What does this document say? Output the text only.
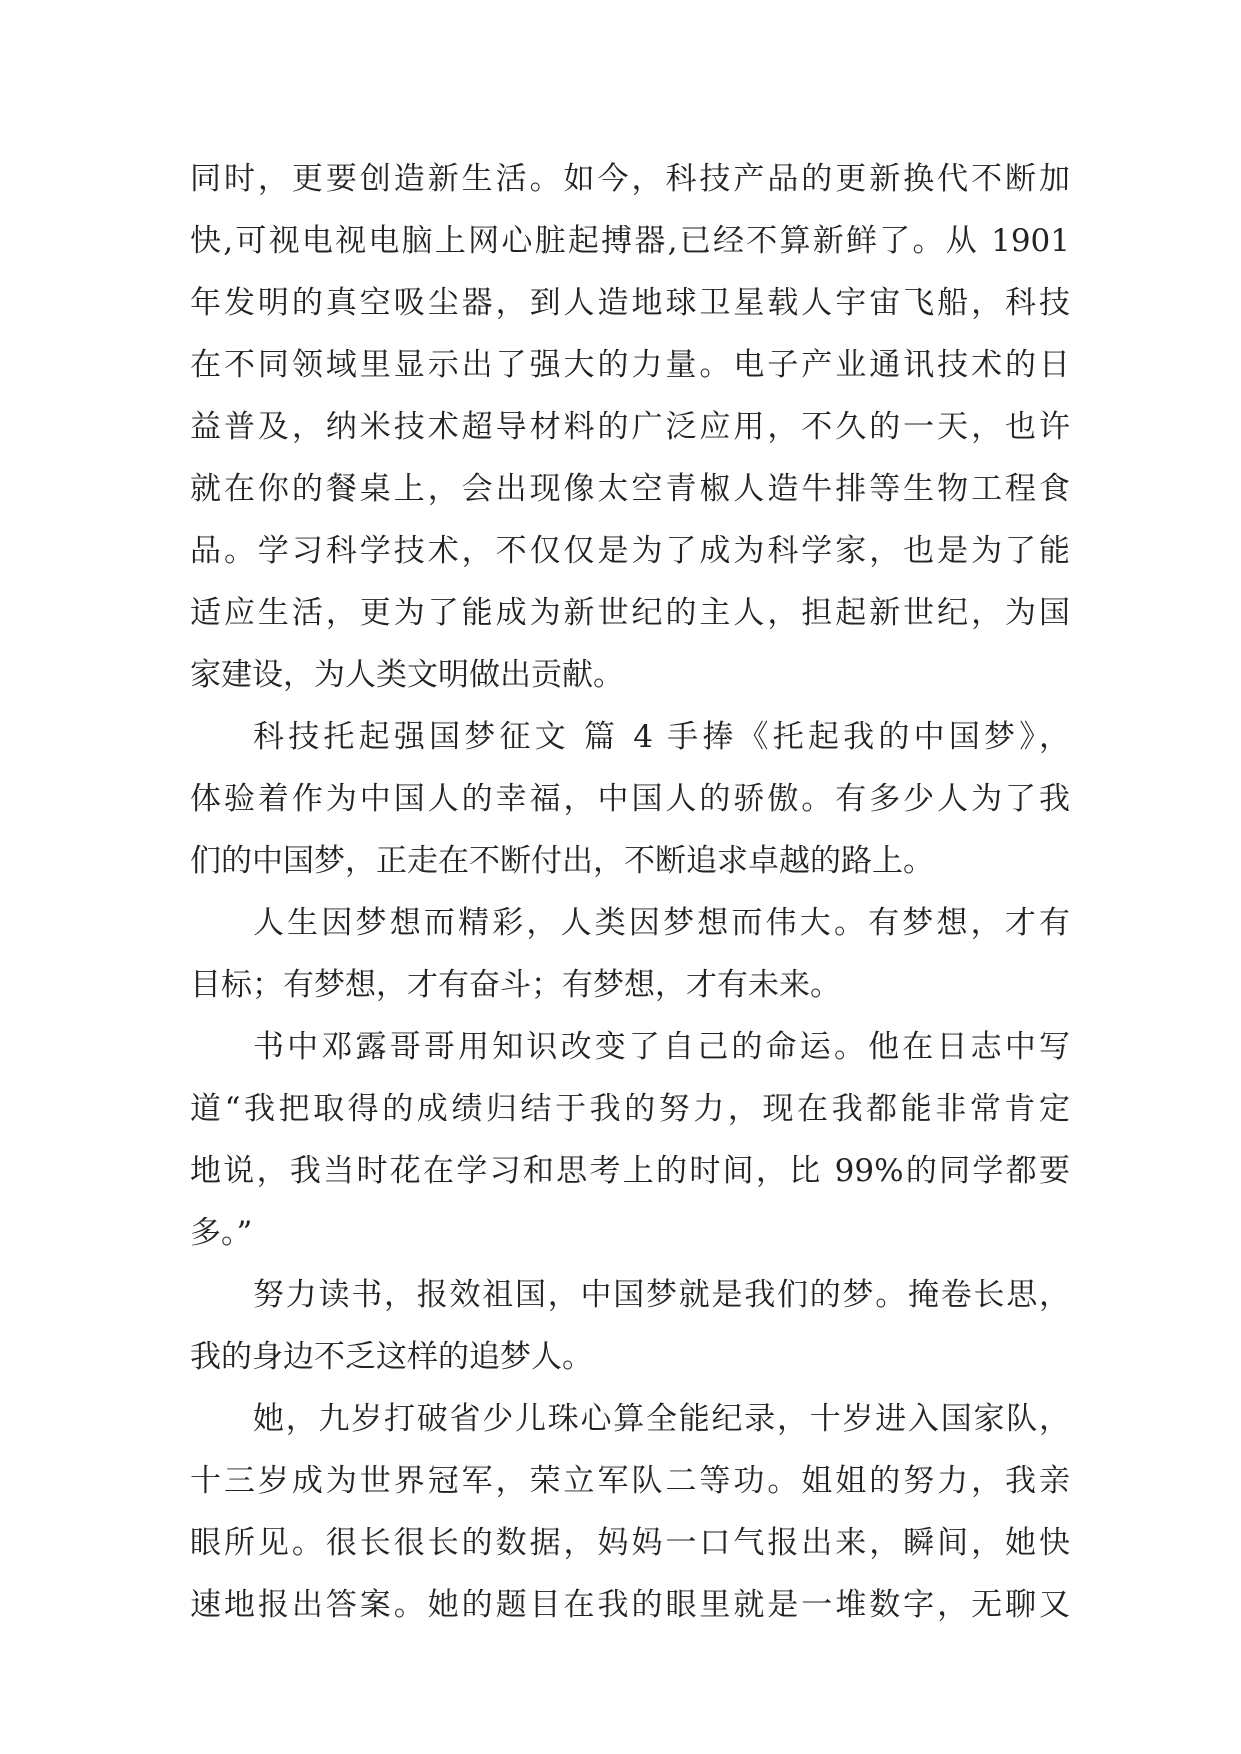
同时，更要创造新生活。如今，科技产品的更新换代不断加
快,可视电视电脑上网心脏起搏器,已经不算新鲜了。从 1901
年发明的真空吸尘器，到人造地球卫星载人宇宙飞船，科技
在不同领域里显示出了强大的力量。电子产业通讯技术的日
益普及，纳米技术超导材料的广泛应用，不久的一天，也许
就在你的餐桌上，会出现像太空青椒人造牛排等生物工程食
品。学习科学技术，不仅仅是为了成为科学家，也是为了能
适应生活，更为了能成为新世纪的主人，担起新世纪，为国
家建设，为人类文明做出贡献。
科技托起强国梦征文 篇 4 手捧《托起我的中国梦》，
体验着作为中国人的幸福，中国人的骄傲。有多少人为了我
们的中国梦，正走在不断付出，不断追求卓越的路上。
人生因梦想而精彩，人类因梦想而伟大。有梦想，才有
目标；有梦想，才有奋斗；有梦想，才有未来。
书中邓露哥哥用知识改变了自己的命运。他在日志中写
道“我把取得的成绩归结于我的努力，现在我都能非常肯定
地说，我当时花在学习和思考上的时间，比 99%的同学都要
多。”
努力读书，报效祖国，中国梦就是我们的梦。掩卷长思，
我的身边不乏这样的追梦人。
她，九岁打破省少儿珠心算全能纪录，十岁进入国家队，
十三岁成为世界冠军，荣立军队二等功。姐姐的努力，我亲
眼所见。很长很长的数据，妈妈一口气报出来，瞬间，她快
速地报出答案。她的题目在我的眼里就是一堆数字，无聊又
